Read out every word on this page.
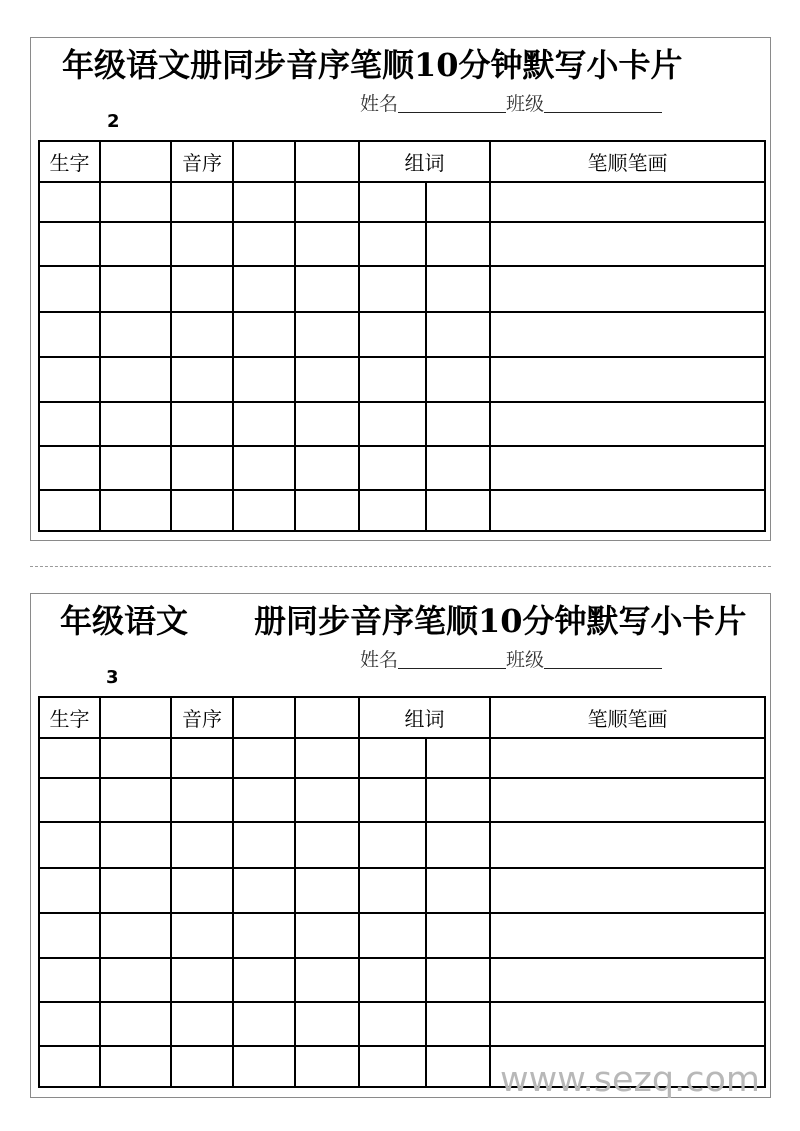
年级语文册同步音序笔顺10分钟默写小卡片
姓名	班级
2
生字		音序			组词		笔顺笔画

年级语文 册同步音序笔顺10分钟默写小卡片
姓名	班级
3
生字		音序			组词		笔顺笔画

www.sezq.com
